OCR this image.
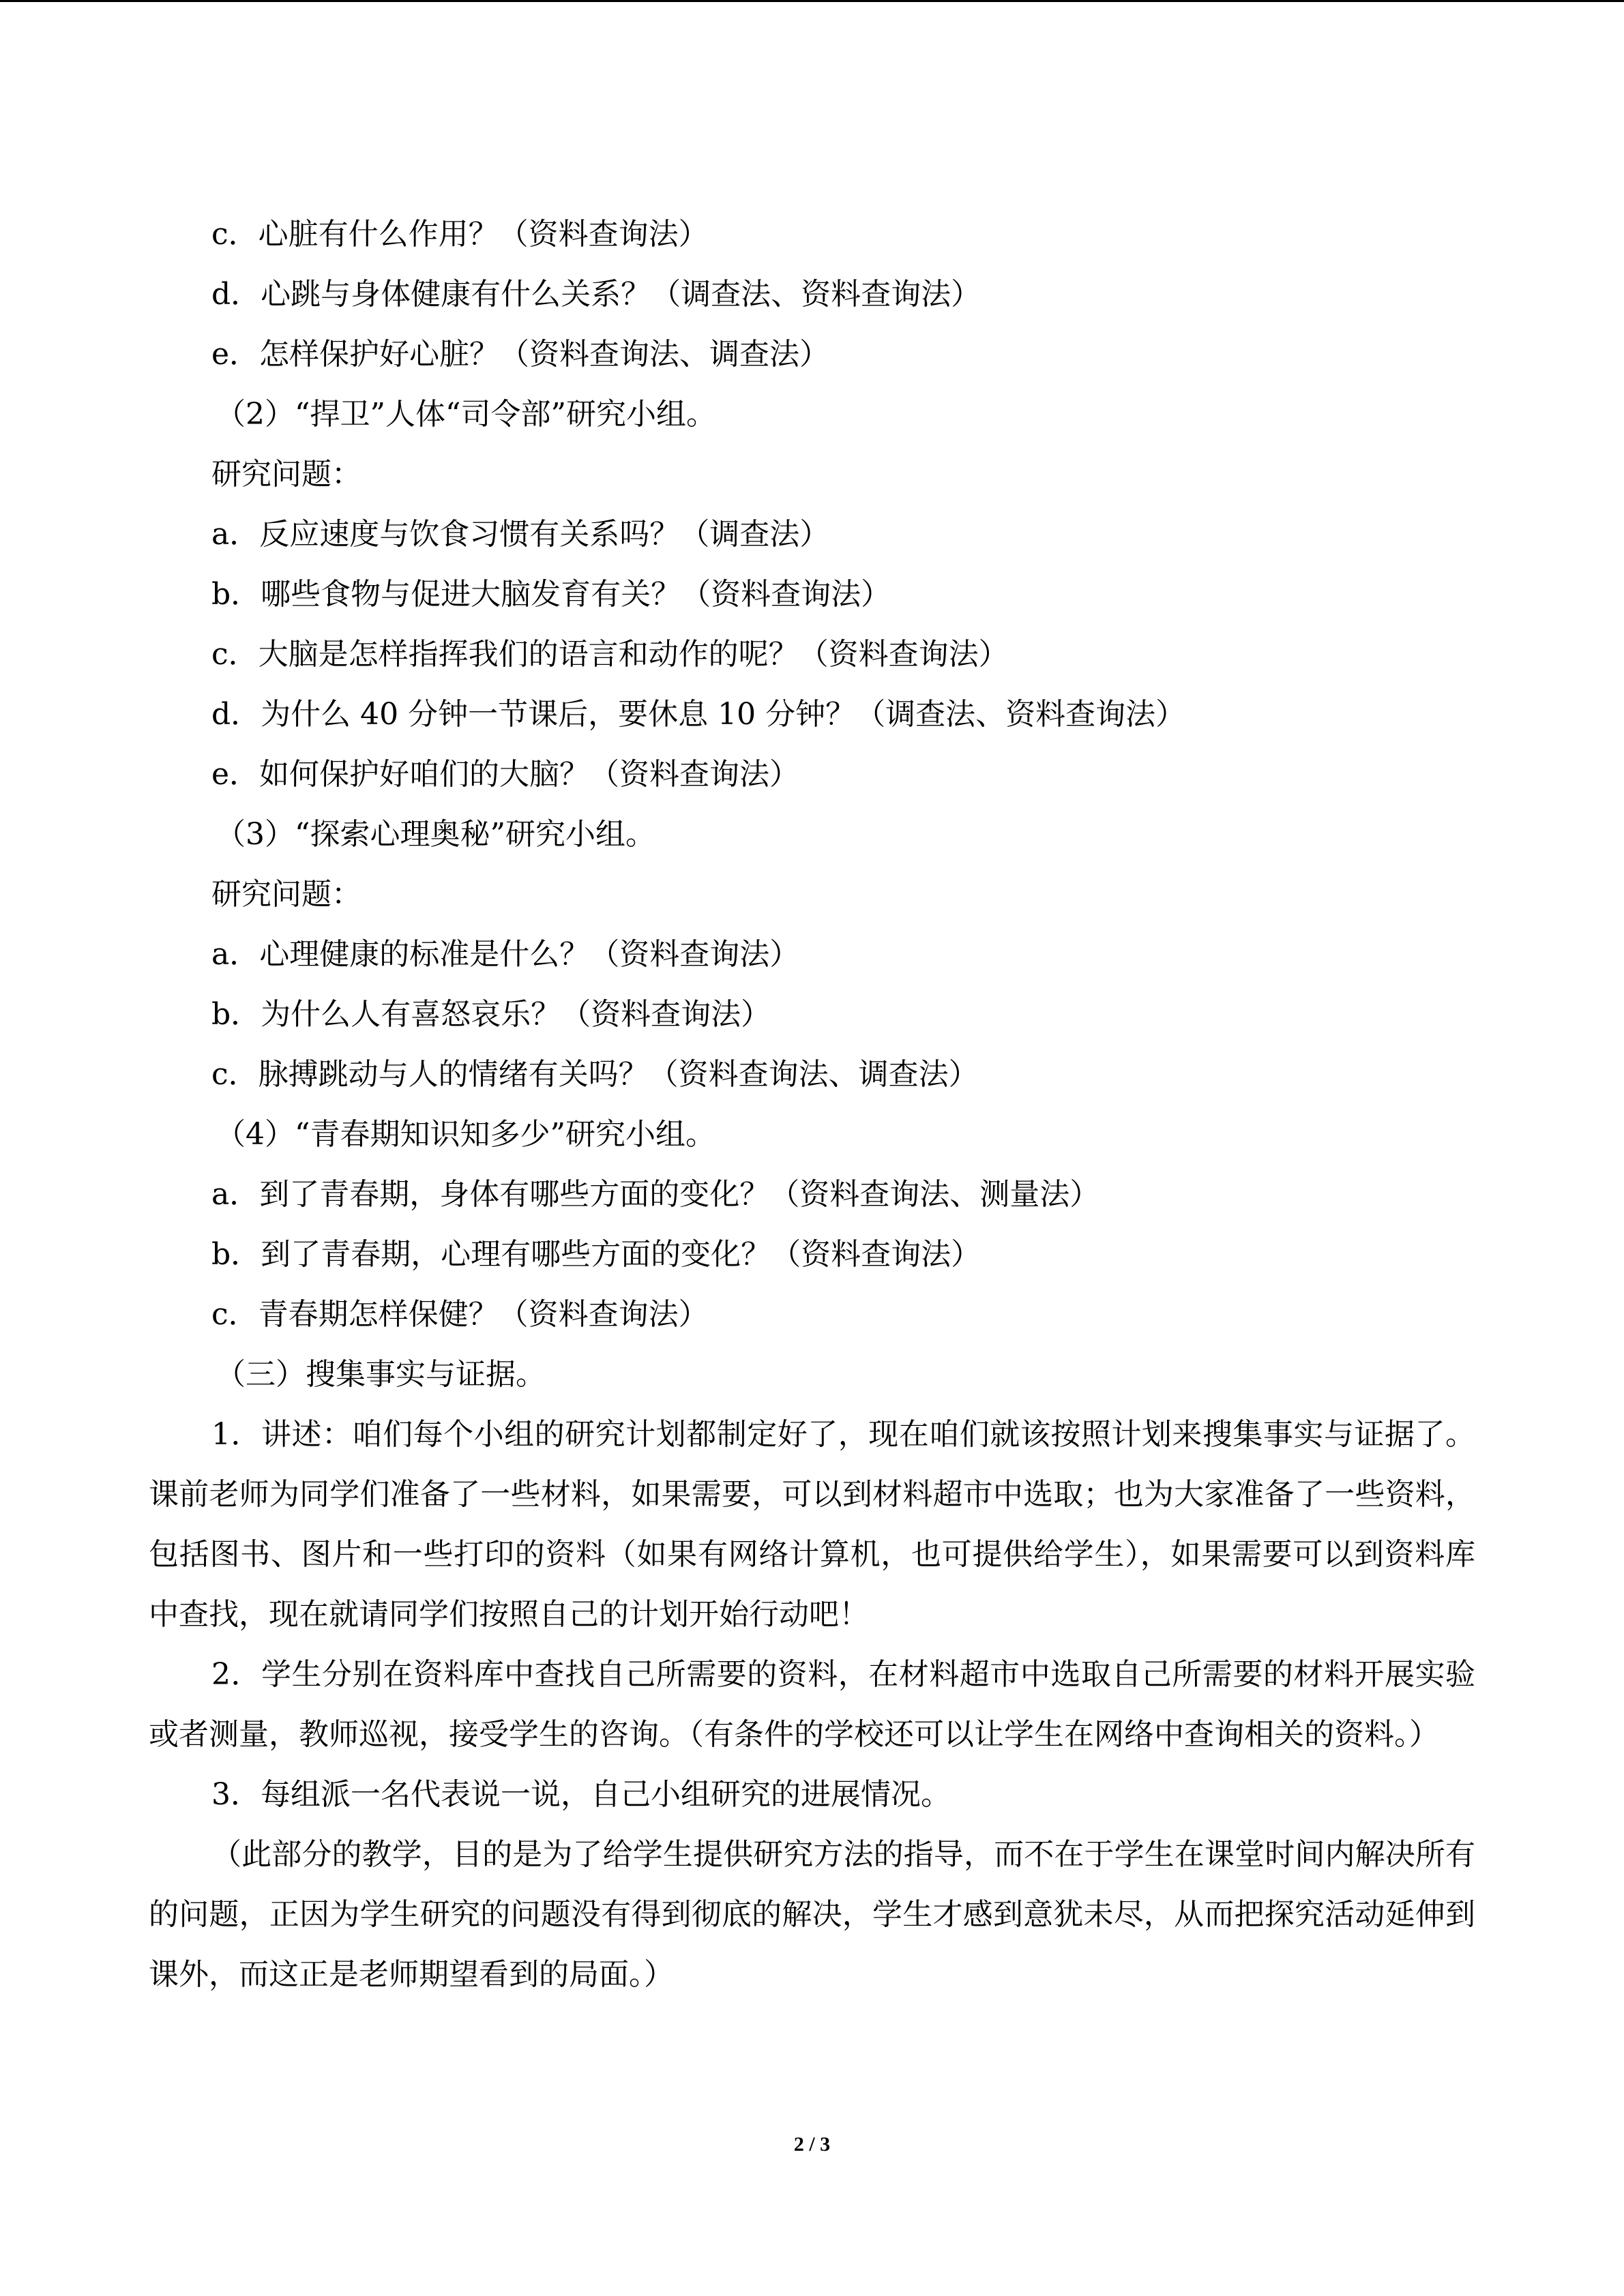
c．心脏有什么作用？（资料查询法）
d．心跳与身体健康有什么关系？（调查法、资料查询法）
e．怎样保护好心脏？（资料查询法、调查法）
（2）“捍卫”人体“司令部”研究小组。
研究问题：
a．反应速度与饮食习惯有关系吗？（调查法）
b．哪些食物与促进大脑发育有关？（资料查询法）
c．大脑是怎样指挥我们的语言和动作的呢？（资料查询法）
d．为什么 40 分钟一节课后，要休息 10 分钟？（调查法、资料查询法）
e．如何保护好咱们的大脑？（资料查询法）
（3）“探索心理奥秘”研究小组。
研究问题：
a．心理健康的标准是什么？（资料查询法）
b．为什么人有喜怒哀乐？（资料查询法）
c．脉搏跳动与人的情绪有关吗？（资料查询法、调查法）
（4）“青春期知识知多少”研究小组。
a．到了青春期，身体有哪些方面的变化？（资料查询法、测量法）
b．到了青春期，心理有哪些方面的变化？（资料查询法）
c．青春期怎样保健？（资料查询法）
（三）搜集事实与证据。

1．讲述：咱们每个小组的研究计划都制定好了，现在咱们就该按照计划来搜集事实与证据了。课前老师为同学们准备了一些材料，如果需要，可以到材料超市中选取；也为大家准备了一些资料，包括图书、图片和一些打印的资料（如果有网络计算机，也可提供给学生），如果需要可以到资料库中查找，现在就请同学们按照自己的计划开始行动吧！

2．学生分别在资料库中查找自己所需要的资料，在材料超市中选取自己所需要的材料开展实验或者测量，教师巡视，接受学生的咨询。（有条件的学校还可以让学生在网络中查询相关的资料。）

3．每组派一名代表说一说，自己小组研究的进展情况。

（此部分的教学，目的是为了给学生提供研究方法的指导，而不在于学生在课堂时间内解决所有的问题，正因为学生研究的问题没有得到彻底的解决，学生才感到意犹未尽，从而把探究活动延伸到课外，而这正是老师期望看到的局面。）

2 / 3
